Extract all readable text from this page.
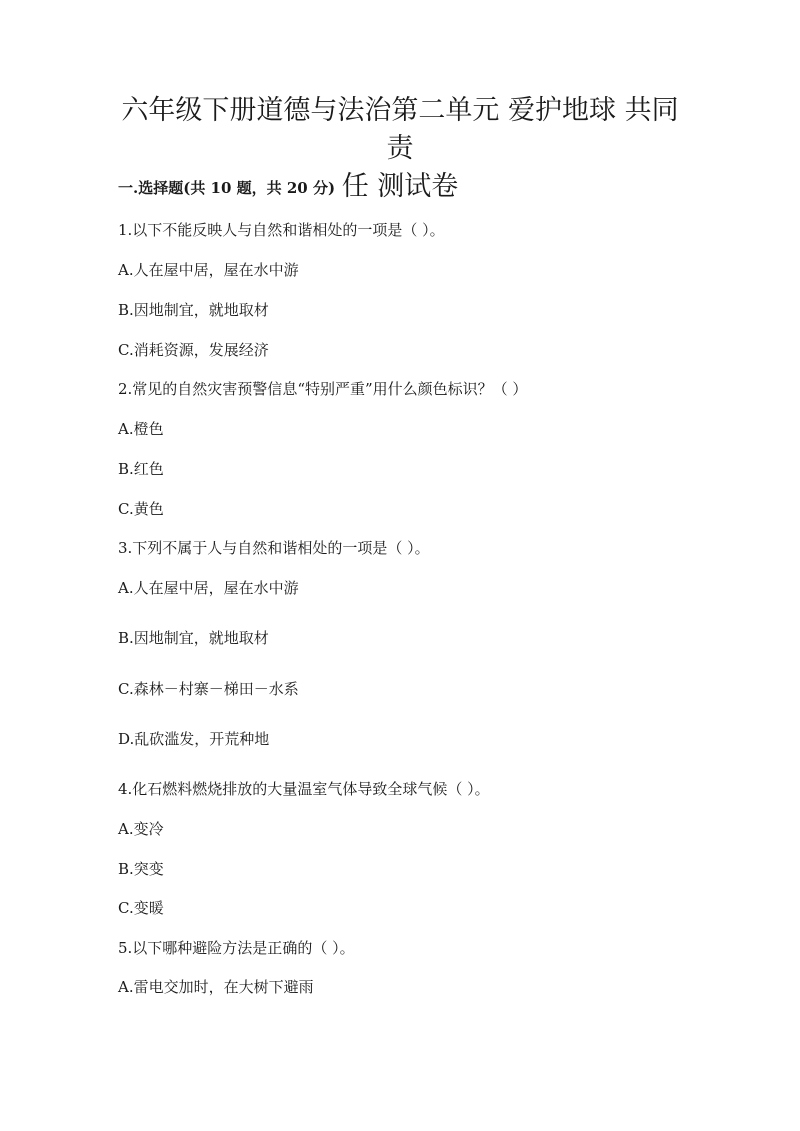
六年级下册道德与法治第二单元 爱护地球 共同责
任 测试卷

一.选择题(共 10 题，共 20 分)

1.以下不能反映人与自然和谐相处的一项是（ ）。

A.人在屋中居，屋在水中游

B.因地制宜，就地取材

C.消耗资源，发展经济

2.常见的自然灾害预警信息“特别严重”用什么颜色标识？（ ）

A.橙色

B.红色

C.黄色

3.下列不属于人与自然和谐相处的一项是（ ）。

A.人在屋中居，屋在水中游

B.因地制宜，就地取材

C.森林－村寨－梯田－水系

D.乱砍滥发，开荒种地

4.化石燃料燃烧排放的大量温室气体导致全球气候（ ）。

A.变冷

B.突变

C.变暖

5.以下哪种避险方法是正确的（ ）。

A.雷电交加时，在大树下避雨
